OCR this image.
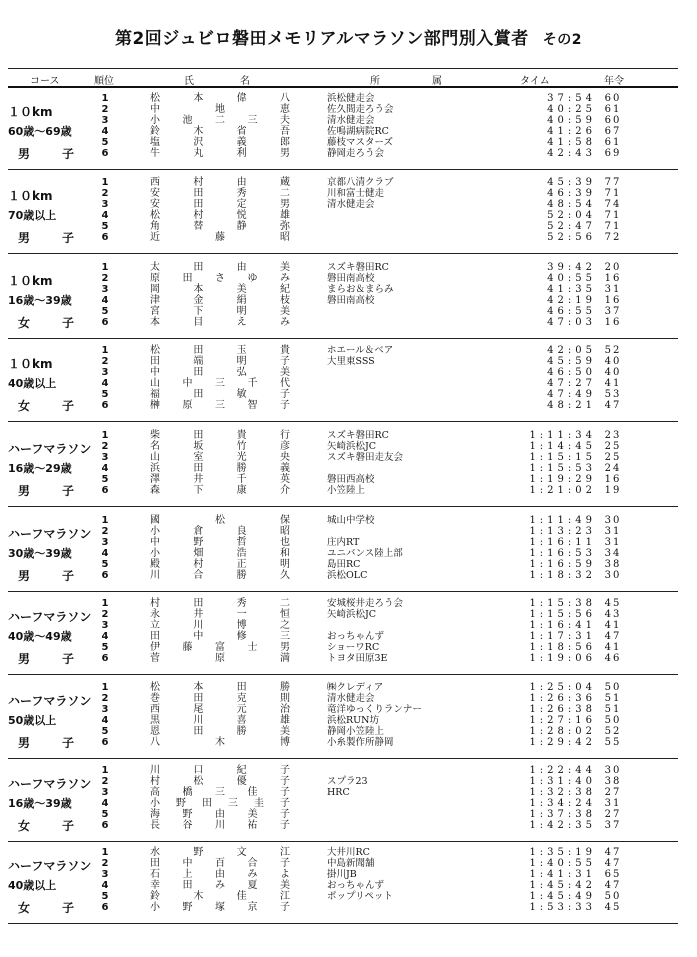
第2回ジュビロ磐田メモリアルマラソン部門別入賞者 その2
コース	順位	氏	名	所	属	タイム	年令
１０km
60歳～69歳
男　子
1	松	本	偉	八	浜松健走会	37:54 60
2	中	地	恵	佐久間走ろう会	40:25 61
3	小 池 二 三 夫	清水健走会	40:59 60
4	鈴	木	省	吾	佐鳴湖病院RC	41:26 67
5	塩	沢	義	郎	藤枝マスターズ	41:58 61
6	牛	丸	利	男	静岡走ろう会	42:43 69
１０km
70歳以上
男　子
1	西	村	由	蔵	京都八清クラブ	45:39 77
2	安	田	秀	二	川和富士健走	46:39 71
3	安	田	定	男	清水健走会	48:54 74
4	松	村	悦	雄	52:04 71
5	角	替	静	弥	52:47 71
6	近	藤	昭	52:56 72
１０km
16歳～39歳
女　子
1	太	田	由	美	スズキ磐田RC	39:42 20
2	原 田 さ ゆ み	磐田南高校	40:55 16
3	岡	本	美	紀	まらお＆まらみ	41:35 31
4	津	金	絹	枝	磐田南高校	42:19 16
5	宮	下	明	美	46:55 37
6	本	目	え	み	47:03 16
１０km
40歳以上
女　子
1	松	田	玉	貴	ホエール＆ベア	42:05 52
2	田	端	明	子	大里東SSS	45:59 40
3	中	田	弘	美	46:50 40
4	山 中 三 千 代	47:27 41
5	福	田	敏	子	47:49 53
6	榊 原 三 智 子	48:21 47
ハーフマラソン
16歳～29歳
男　子
1	柴	田	貴	行	スズキ磐田RC	1:11:34 23
2	名	坂	竹	彦	矢崎浜松JC	1:14:45 25
3	山	室	光	央	スズキ磐田走友会	1:15:15 25
4	浜	田	勝	義	1:15:53 24
5	澤	井	千	英	磐田西高校	1:19:29 16
6	森	下	康	介	小笠陸上	1:21:02 19
ハーフマラソン
30歳～39歳
男　子
1	國	松	保	城山中学校	1:11:49 30
2	小	倉	良	昭	1:13:23 31
3	中	野	哲	也	庄内RT	1:16:11 31
4	小	畑	浩	和	ユニバンス陸上部	1:16:53 34
5	殿	村	正	明	島田RC	1:16:59 38
6	川	合	勝	久	浜松OLC	1:18:32 30
ハーフマラソン
40歳～49歳
男　子
1	村	田	秀	二	安城桜井走ろう会	1:15:38 45
2	永	井	一	恒	矢崎浜松JC	1:15:56 43
3	立	川	博	之	1:16:41 41
4	田	中	修	三	おっちゃんず	1:17:31 47
5	伊 藤 富 士 男	ショーワRC	1:18:56 41
6	菅	原	満	トヨタ田原3E	1:19:06 46
ハーフマラソン
50歳以上
男　子
1	松	本	田	勝	㈱クレディア	1:25:04 50
2	巻	田	克	則	清水健走会	1:26:36 51
3	西	尾	元	治	竜洋ゆっくりランナー	1:26:38 51
4	黒	川	喜	雄	浜松RUN坊	1:27:16 50
5	恩	田	勝	美	静岡小笠陸上	1:28:02 52
6	八	木	博	小糸製作所静岡	1:29:42 55
ハーフマラソン
16歳～39歳
女　子
1	川	口	紀	子	1:22:44 30
2	村	松	優	子	スプラ23	1:31:40 38
3	高 橋 三 佳 子	HRC	1:32:38 27
4	小 野 田 三 圭 子	1:34:24 31
5	海 野 由 美 子	1:37:38 27
6	長 谷 川 祐 子	1:42:35 37
ハーフマラソン
40歳以上
女　子
1	水	野	文	江	大井川RC	1:35:19 47
2	田 中 百 合 子	中島新聞舗	1:40:55 47
3	石 上 由 み よ	掛川JB	1:41:31 65
4	幸 田 み 夏 美	おっちゃんず	1:45:42 47
5	鈴	木	佳	江	ポップリペット	1:45:49 50
6	小 野 塚 京 子	1:53:33 45
